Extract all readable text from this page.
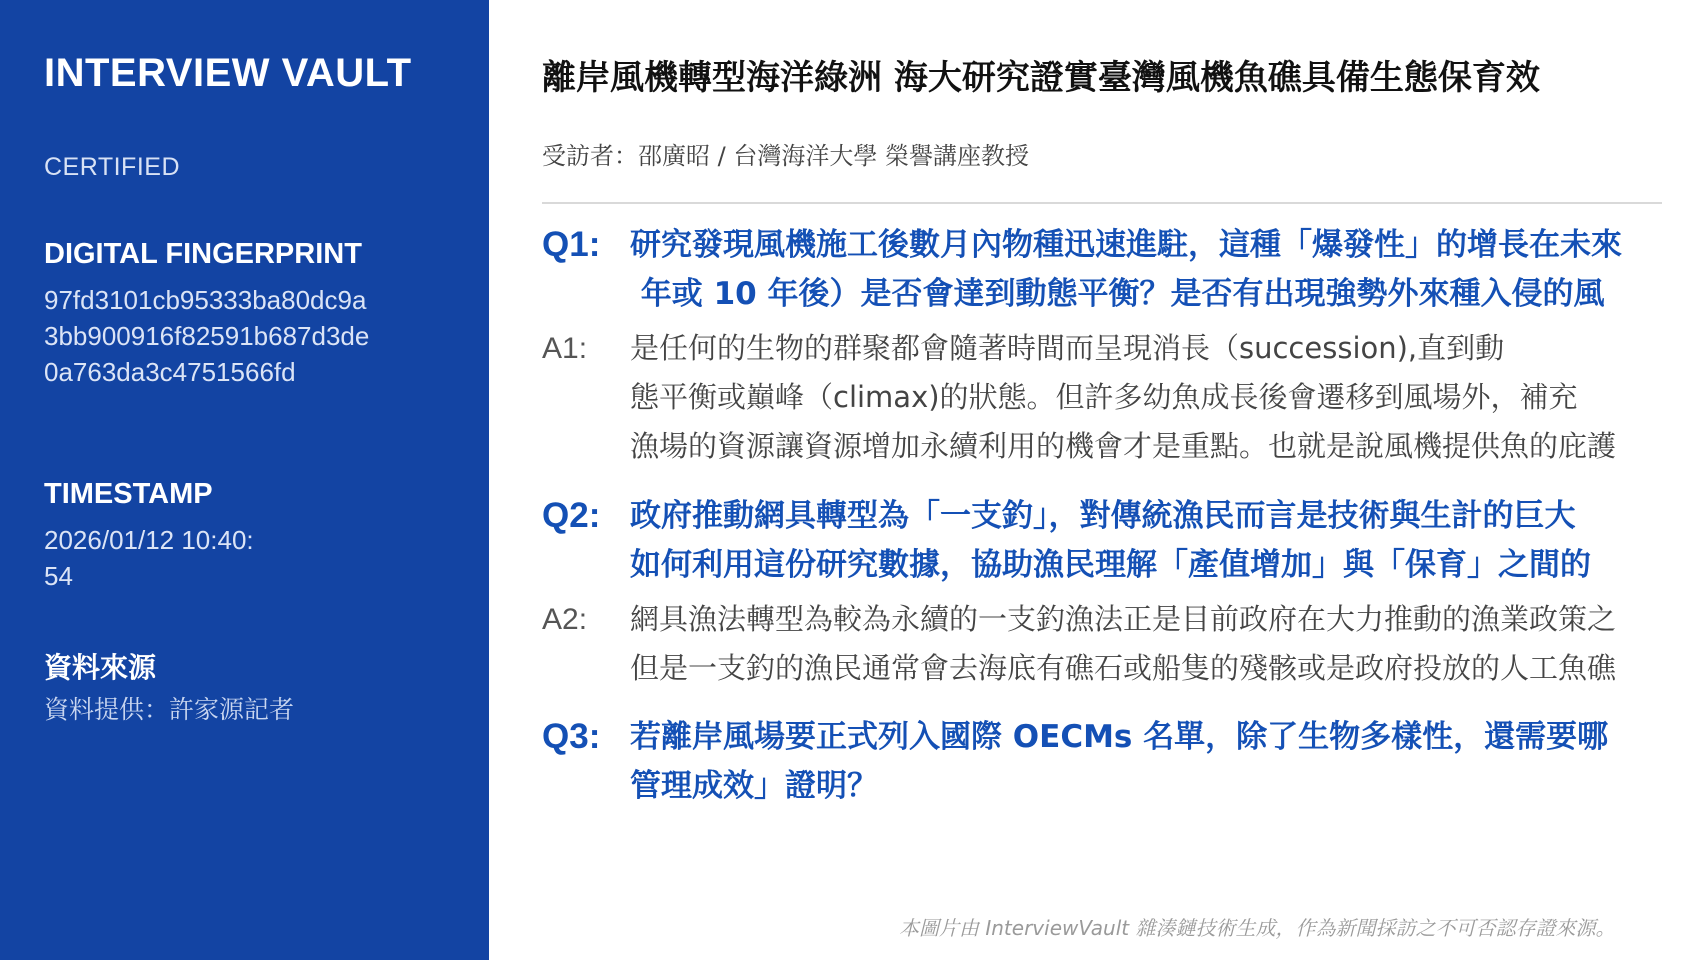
INTERVIEW VAULT
CERTIFIED
DIGITAL FINGERPRINT
97fd3101cb95333ba80dc9a3bb900916f82591b687d3de0a763da3c4751566fd
TIMESTAMP
2026/01/12 10:40:54
資料來源
資料提供：許家源記者
離岸風機轉型海洋綠洲 海大研究證實臺灣風機魚礁具備生態保育效
受訪者：邵廣昭 / 台灣海洋大學 榮譽講座教授
Q1: 研究發現風機施工後數月內物種迅速進駐，這種「爆發性」的增長在未來
年或 10 年後）是否會達到動態平衡？是否有出現強勢外來種入侵的風
A1:	是任何的生物的群聚都會隨著時間而呈現消長（succession),直到動
態平衡或巔峰（climax)的狀態。但許多幼魚成長後會遷移到風場外，補充
漁場的資源讓資源增加永續利用的機會才是重點。也就是說風機提供魚的庇護
Q2: 政府推動網具轉型為「一支釣」，對傳統漁民而言是技術與生計的巨大
如何利用這份研究數據，協助漁民理解「產值增加」與「保育」之間的
A2:	網具漁法轉型為較為永續的一支釣漁法正是目前政府在大力推動的漁業政策之
但是一支釣的漁民通常會去海底有礁石或船隻的殘骸或是政府投放的人工魚礁
Q3: 若離岸風場要正式列入國際 OECMs 名單，除了生物多樣性，還需要哪
管理成效」證明？
本圖片由 InterviewVault 雜湊鏈技術生成，作為新聞採訪之不可否認存證來源。
